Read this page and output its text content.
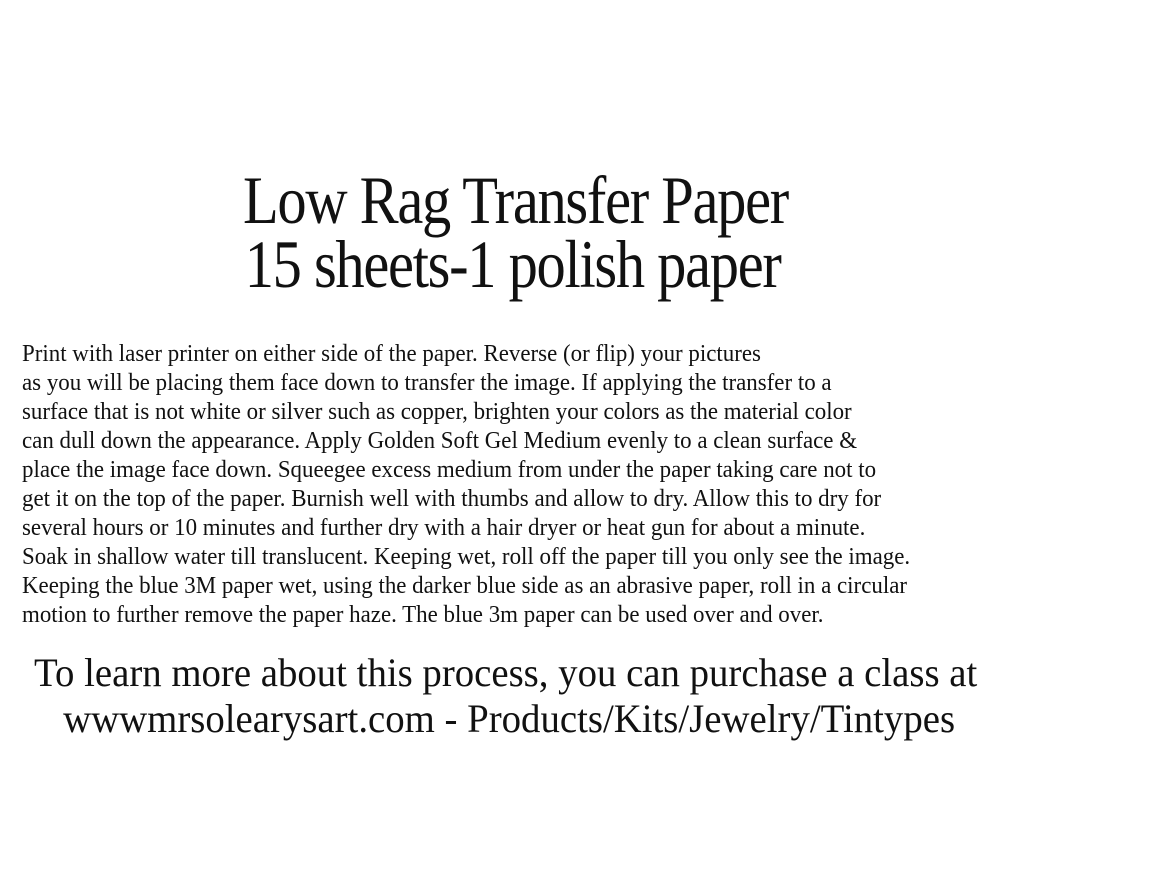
Low Rag Transfer Paper
15 sheets-1 polish paper
Print with laser printer on either side of the paper. Reverse (or flip) your pictures
as you will be placing them face down to transfer the image. If applying the transfer to a
surface that is not white or silver such as copper, brighten your colors as the material color
can dull down the appearance. Apply Golden Soft Gel Medium evenly to a clean surface &
place the image face down. Squeegee excess medium from under the paper taking care not to
get it on the top of the paper. Burnish well with thumbs and allow to dry. Allow this to dry for
several hours or 10 minutes and further dry with a hair dryer or heat gun for about a minute.
Soak in shallow water till translucent. Keeping wet, roll off the paper till you only see the image.
Keeping the blue 3M paper wet, using the darker blue side as an abrasive paper, roll in a circular
motion to further remove the paper haze. The blue 3m paper can be used over and over.
To learn more about this process, you can purchase a class at
wwwmrsolearysart.com - Products/Kits/Jewelry/Tintypes
